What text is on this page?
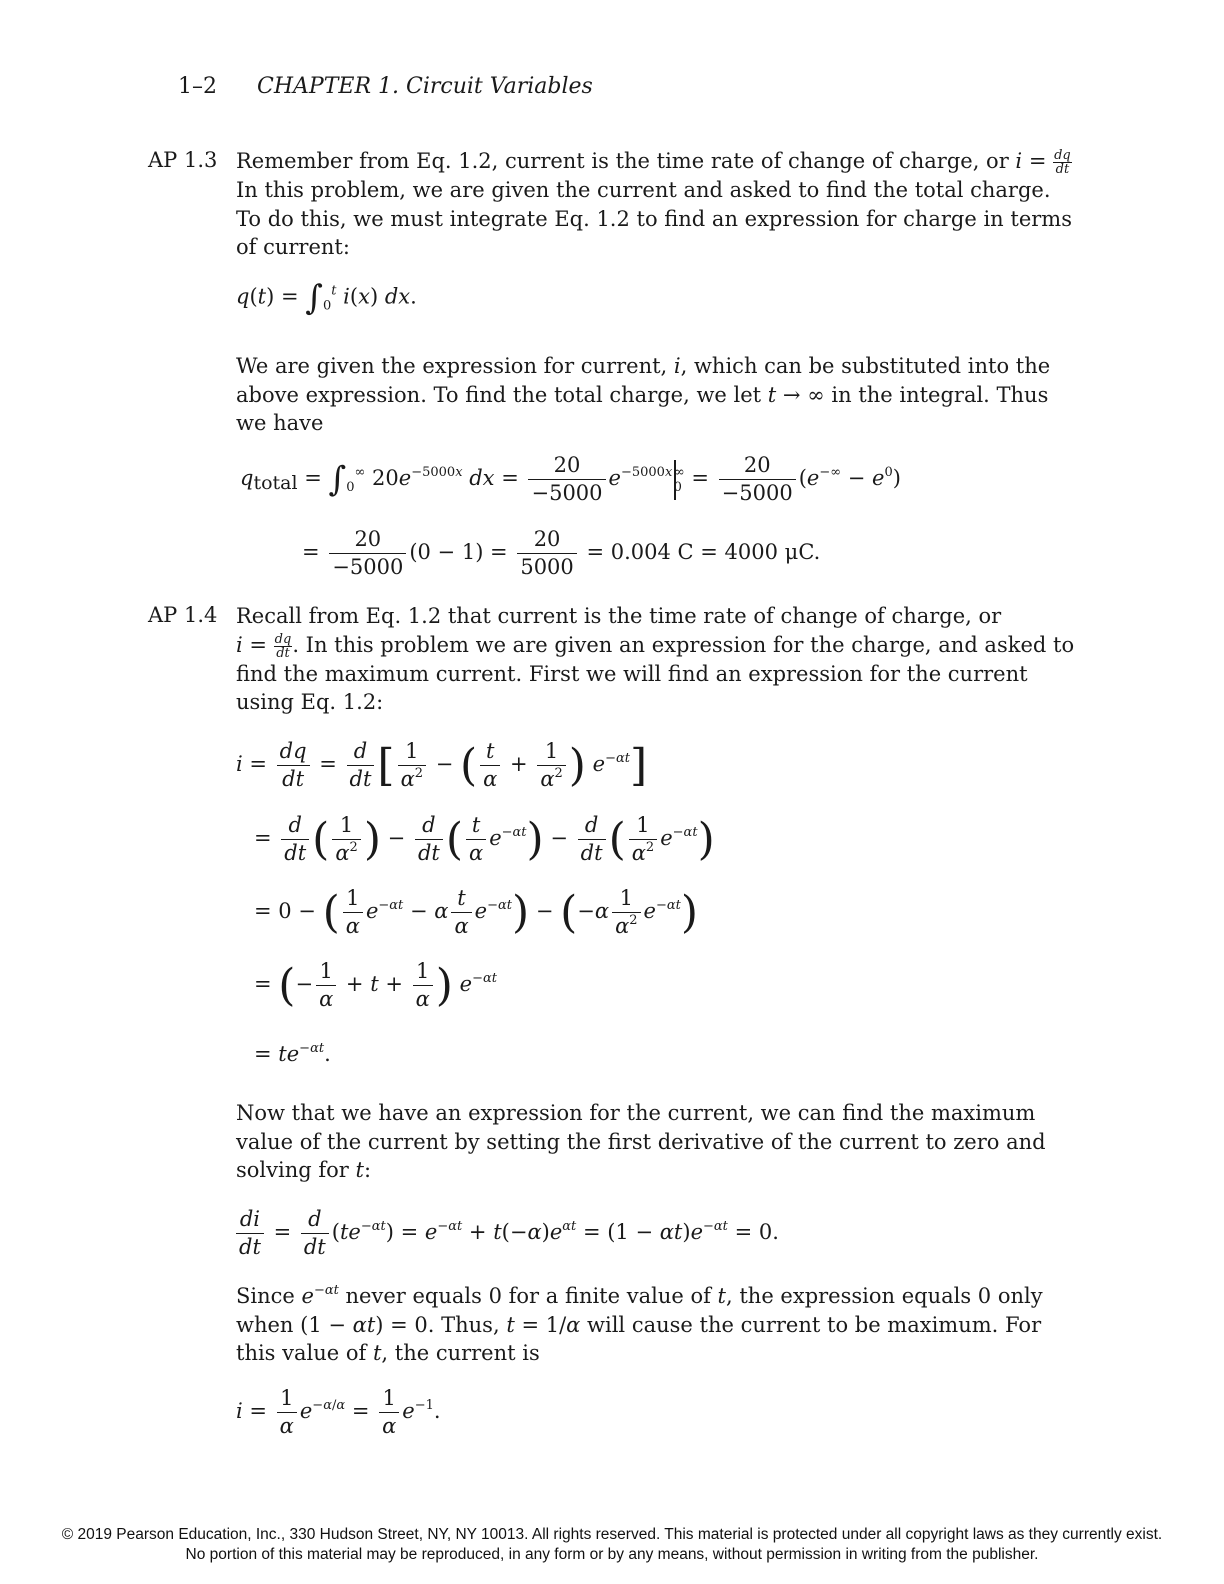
1–2 CHAPTER 1. Circuit Variables
AP 1.3 Remember from Eq. 1.2, current is the time rate of change of charge, or $i = \frac{dq}{dt}$
In this problem, we are given the current and asked to find the total charge.
To do this, we must integrate Eq. 1.2 to find an expression for charge in terms
of current:
$q(t) = \int_0^t$ i(x) dx.
We are given the expression for current, i, which can be substituted into the
above expression. To find the total charge, we let t → ∞ in the integral. Thus
we have
$q_{total} = \int_0^\infty$ $20e^{-5000x}$ dx = $\frac{20}{-5000} e^{-5000x}_0^\infty = \frac{20}{-5000} (e^{-\infty} - e^0)$
= $\frac{20}{-5000} (0 - 1) = \frac{20}{5000} = 0.004$ C = 4000 μC.
AP 1.4 Recall from Eq. 1.2 that current is the time rate of change of charge, or
$i = \frac{dq}{dt}$ . In this problem we are given an expression for the charge, and asked to
find the maximum current. First we will find an expression for the current
using Eq. 1.2:
$i = \frac{dq}{dt} = \frac{d}{dt}$ [ $\frac{1}{\alpha^2}$ − ( $\frac{t}{\alpha} + \frac{1}{\alpha^2}$ ) $e^{-\alpha t}$]
= $\frac{d}{dt}$ ( $\frac{1}{\alpha^2}$ ) − $\frac{d}{dt}$ ( $\frac{t}{\alpha} e^{-\alpha t}) - \frac{d}{dt}$ ( $\frac{1}{\alpha^2} e^{-\alpha t}$)
= 0 − ( $\frac{1}{\alpha} e^{-\alpha t} - \alpha \frac{t}{\alpha} e^{-\alpha t}) - (-\alpha \frac{1}{\alpha^2} e^{-\alpha t})$
= (− $\frac{1}{\alpha} + t + \frac{1}{\alpha}$ ) $e^{-\alpha t}$
= $te^{-\alpha t}$.
Now that we have an expression for the current, we can find the maximum
value of the current by setting the first derivative of the current to zero and
solving for t:
$\frac{di}{dt} = \frac{d}{dt} (te^{-\alpha t}) = e^{-\alpha t} + t(-\alpha)e^{\alpha t} = (1 - \alpha t)e^{-\alpha t} = 0$.
Since $e^{-\alpha t}$ never equals 0 for a finite value of t, the expression equals 0 only
when (1 − αt) = 0. Thus, t = 1/α will cause the current to be maximum. For
this value of t, the current is
$i = \frac{1}{\alpha} e^{-\alpha/\alpha} = \frac{1}{\alpha} e^{-1}$.
© 2019 Pearson Education, Inc., 330 Hudson Street, NY, NY 10013. All rights reserved. This material is protected under all copyright laws as they currently exist.
No portion of this material may be reproduced, in any form or by any means, without permission in writing from the publisher.
